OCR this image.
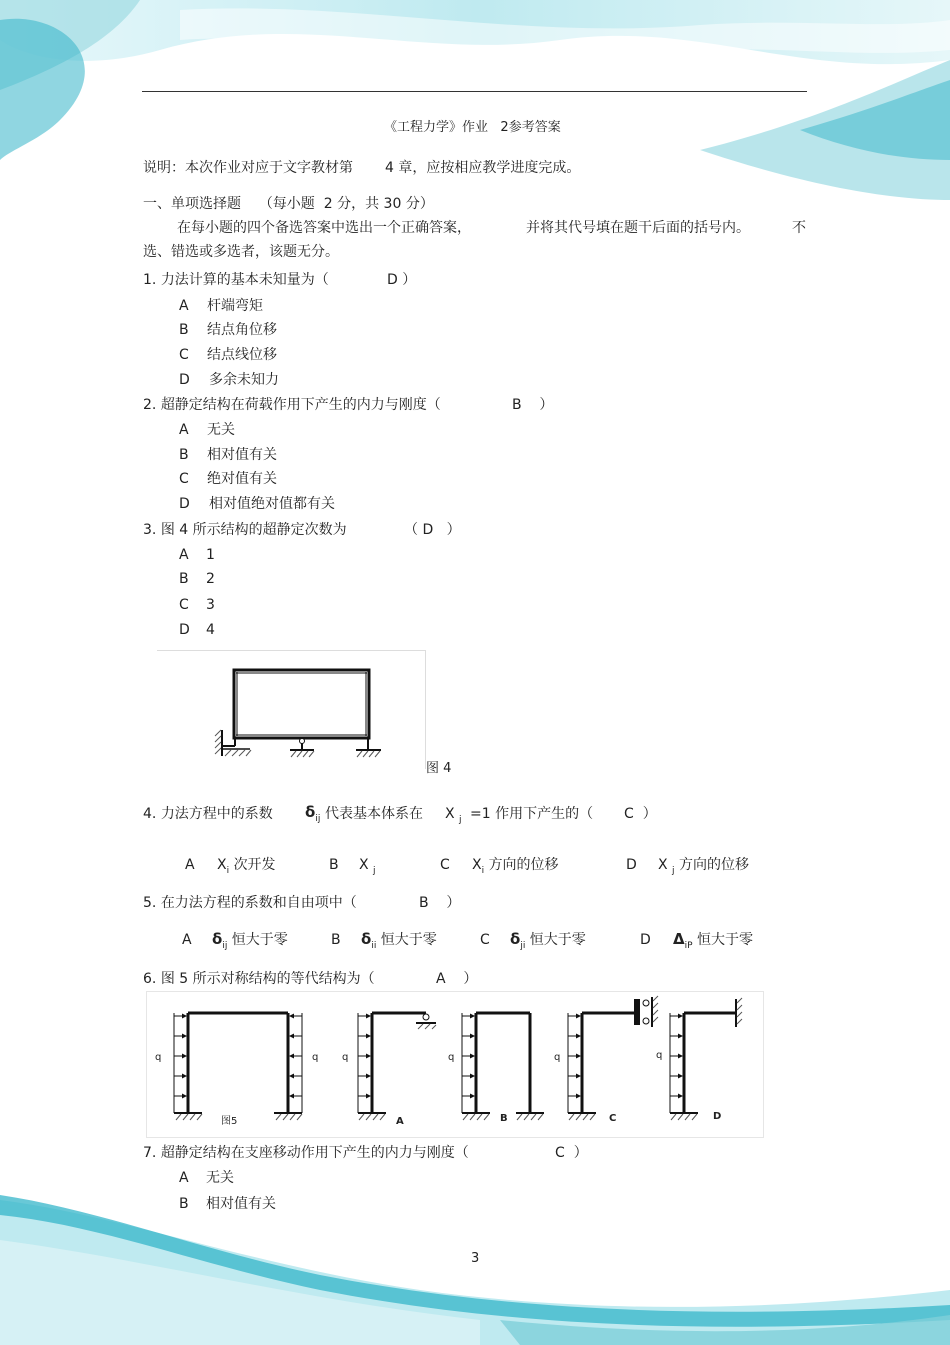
《工程力学》作业 2参考答案
说明：本次作业对应于文字教材第 4 章，应按相应教学进度完成。
一、单项选择题 （每小题 2 分，共 30 分）
在每小题的四个备选答案中选出一个正确答案，	并将其代号填在题干后面的括号内。	不
选、错选或多选者，该题无分。
1. 力法计算的基本未知量为（	D ）
A 杆端弯矩
B 结点角位移
C 结点线位移
D 多余未知力
2. 超静定结构在荷载作用下产生的内力与刚度（	B ）
A 无关
B 相对值有关
C 绝对值有关
D 相对值绝对值都有关
3. 图 4 所示结构的超静定次数为	（ D ）
A 1
B 2
C 3
D 4
图 4
4. 力法方程中的系数 $\delta_{ij}$ 代表基本体系在 X $_j$ =1 作用下产生的（ C ）
A $X_i$ 次开发	B X $_j$	C $X_i$ 方向的位移	D X $_j$ 方向的位移
5. 在力法方程的系数和自由项中（	B ）
A $\delta_{ij}$ 恒大于零	B $\delta_{ii}$ 恒大于零	C $\delta_{ji}$ 恒大于零	D $\Delta_{iP}$ 恒大于零
6. 图 5 所示对称结构的等代结构为（	A ）
q	q q	q	q	q
图5	A	B	C	D
7. 超静定结构在支座移动作用下产生的内力与刚度（	C ）
A 无关
B 相对值有关
3
